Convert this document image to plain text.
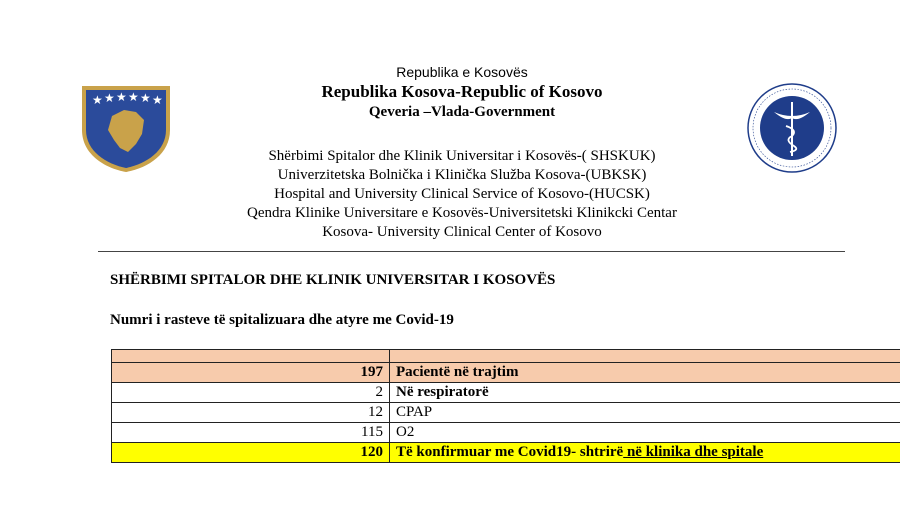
★ ★ ★ ★ ★ ★
Republika e Kosovës
Republika Kosova-Republic of Kosovo
Qeveria –Vlada-Government
Shërbimi Spitalor dhe Klinik Universitar i Kosovës-( SHSKUK)
Univerzitetska Bolnička i Klinička Služba Kosova-(UBKSK)
Hospital and University Clinical Service of Kosovo-(HUCSK)
Qendra Klinike Universitare e Kosovës-Universitetski Klinikcki Centar
Kosova- University Clinical Center of Kosovo
SHËRBIMI SPITALOR DHE KLINIK UNIVERSITAR I KOSOVËS
Numri i rasteve të spitalizuara dhe atyre me Covid-19

197	Pacientë në trajtim
2	Në respiratorë
12	CPAP
115	O2
120	Të konfirmuar me Covid19- shtrirë në klinika dhe spitale
